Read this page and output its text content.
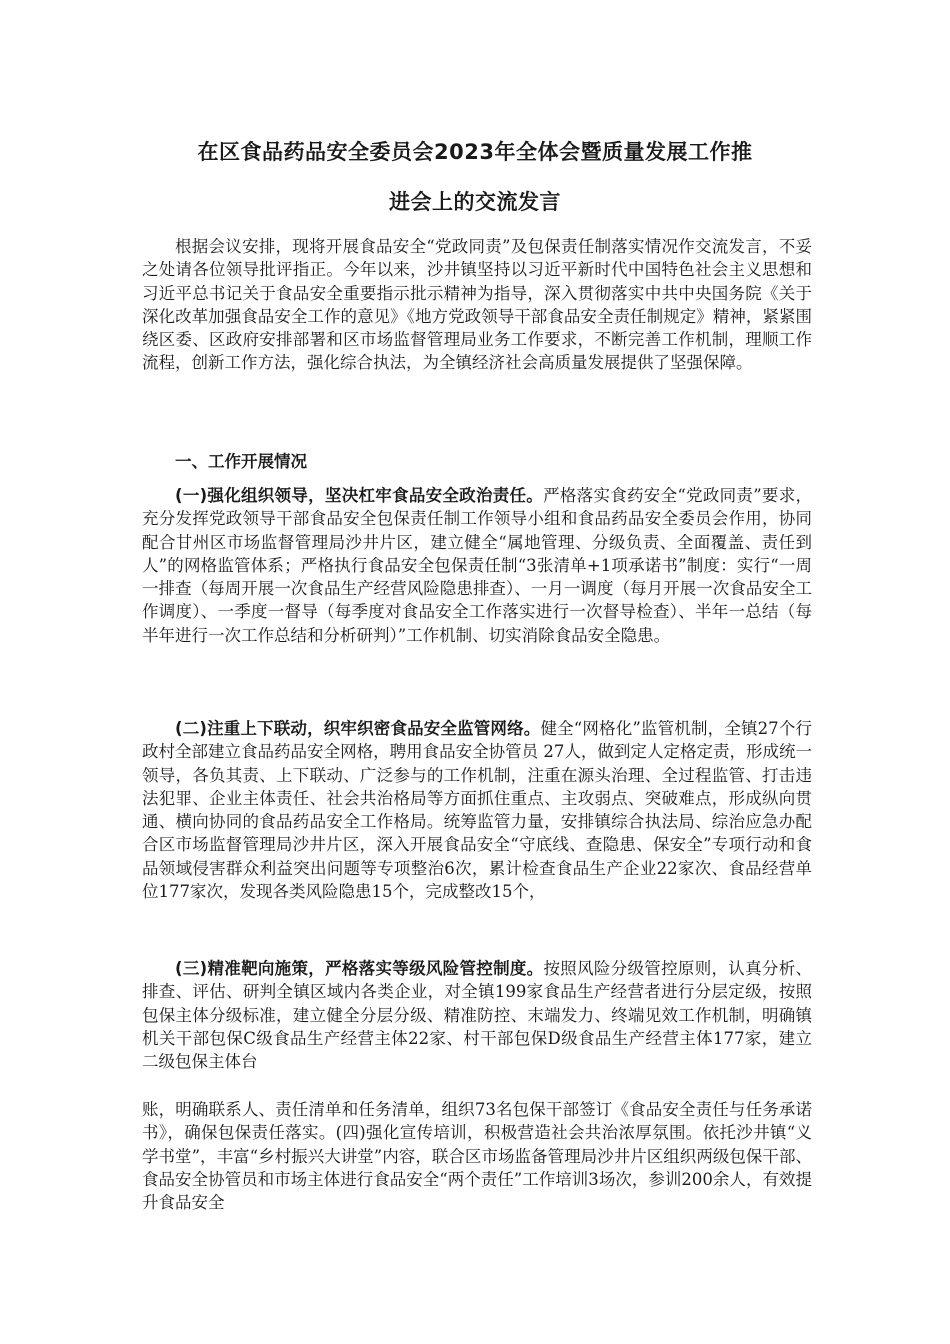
在区食品药品安全委员会2023年全体会暨质量发展工作推
进会上的交流发言

根据会议安排，现将开展食品安全“党政同责”及包保责任制落实情况作交流发言，不妥之处请各位领导批评指正。今年以来，沙井镇坚持以习近平新时代中国特色社会主义思想和习近平总书记关于食品安全重要指示批示精神为指导，深入贯彻落实中共中央国务院《关于深化改革加强食品安全工作的意见》《地方党政领导干部食品安全责任制规定》精神，紧紧围绕区委、区政府安排部署和区市场监督管理局业务工作要求，不断完善工作机制，理顺工作流程，创新工作方法，强化综合执法，为全镇经济社会高质量发展提供了坚强保障。

一、工作开展情况

(一)强化组织领导，坚决杠牢食品安全政治责任。严格落实食药安全“党政同责”要求，充分发挥党政领导干部食品安全包保责任制工作领导小组和食品药品安全委员会作用，协同配合甘州区市场监督管理局沙井片区，建立健全“属地管理、分级负责、全面覆盖、责任到人”的网格监管体系；严格执行食品安全包保责任制“3张清单+1项承诺书”制度：实行“一周一排查（每周开展一次食品生产经营风险隐患排查）、一月一调度（每月开展一次食品安全工作调度）、一季度一督导（每季度对食品安全工作落实进行一次督导检查）、半年一总结（每半年进行一次工作总结和分析研判）”工作机制、切实消除食品安全隐患。

(二)注重上下联动，织牢织密食品安全监管网络。健全“网格化”监管机制，全镇27个行政村全部建立食品药品安全网格，聘用食品安全协管员 27人，做到定人定格定责，形成统一领导，各负其责、上下联动、广泛参与的工作机制，注重在源头治理、全过程监管、打击违法犯罪、企业主体责任、社会共治格局等方面抓住重点、主攻弱点、突破难点，形成纵向贯通、横向协同的食品药品安全工作格局。统筹监管力量，安排镇综合执法局、综治应急办配合区市场监督管理局沙井片区，深入开展食品安全“守底线、查隐患、保安全”专项行动和食品领域侵害群众利益突出问题等专项整治6次，累计检查食品生产企业22家次、食品经营单位177家次，发现各类风险隐患15个，完成整改15个，

(三)精准靶向施策，严格落实等级风险管控制度。按照风险分级管控原则，认真分析、排查、评估、研判全镇区域内各类企业，对全镇199家食品生产经营者进行分层定级，按照包保主体分级标准，建立健全分层分级、精准防控、末端发力、终端见效工作机制，明确镇机关干部包保C级食品生产经营主体22家、村干部包保D级食品生产经营主体177家，建立二级包保主体台

账，明确联系人、责任清单和任务清单，组织73名包保干部签订《食品安全责任与任务承诺书》，确保包保责任落实。(四)强化宣传培训，积极营造社会共治浓厚氛围。依托沙井镇“义学书堂”，丰富“乡村振兴大讲堂”内容，联合区市场监备管理局沙井片区组织两级包保干部、食品安全协管员和市场主体进行食品安全“两个责任”工作培训3场次，参训200余人，有效提升食品安全
